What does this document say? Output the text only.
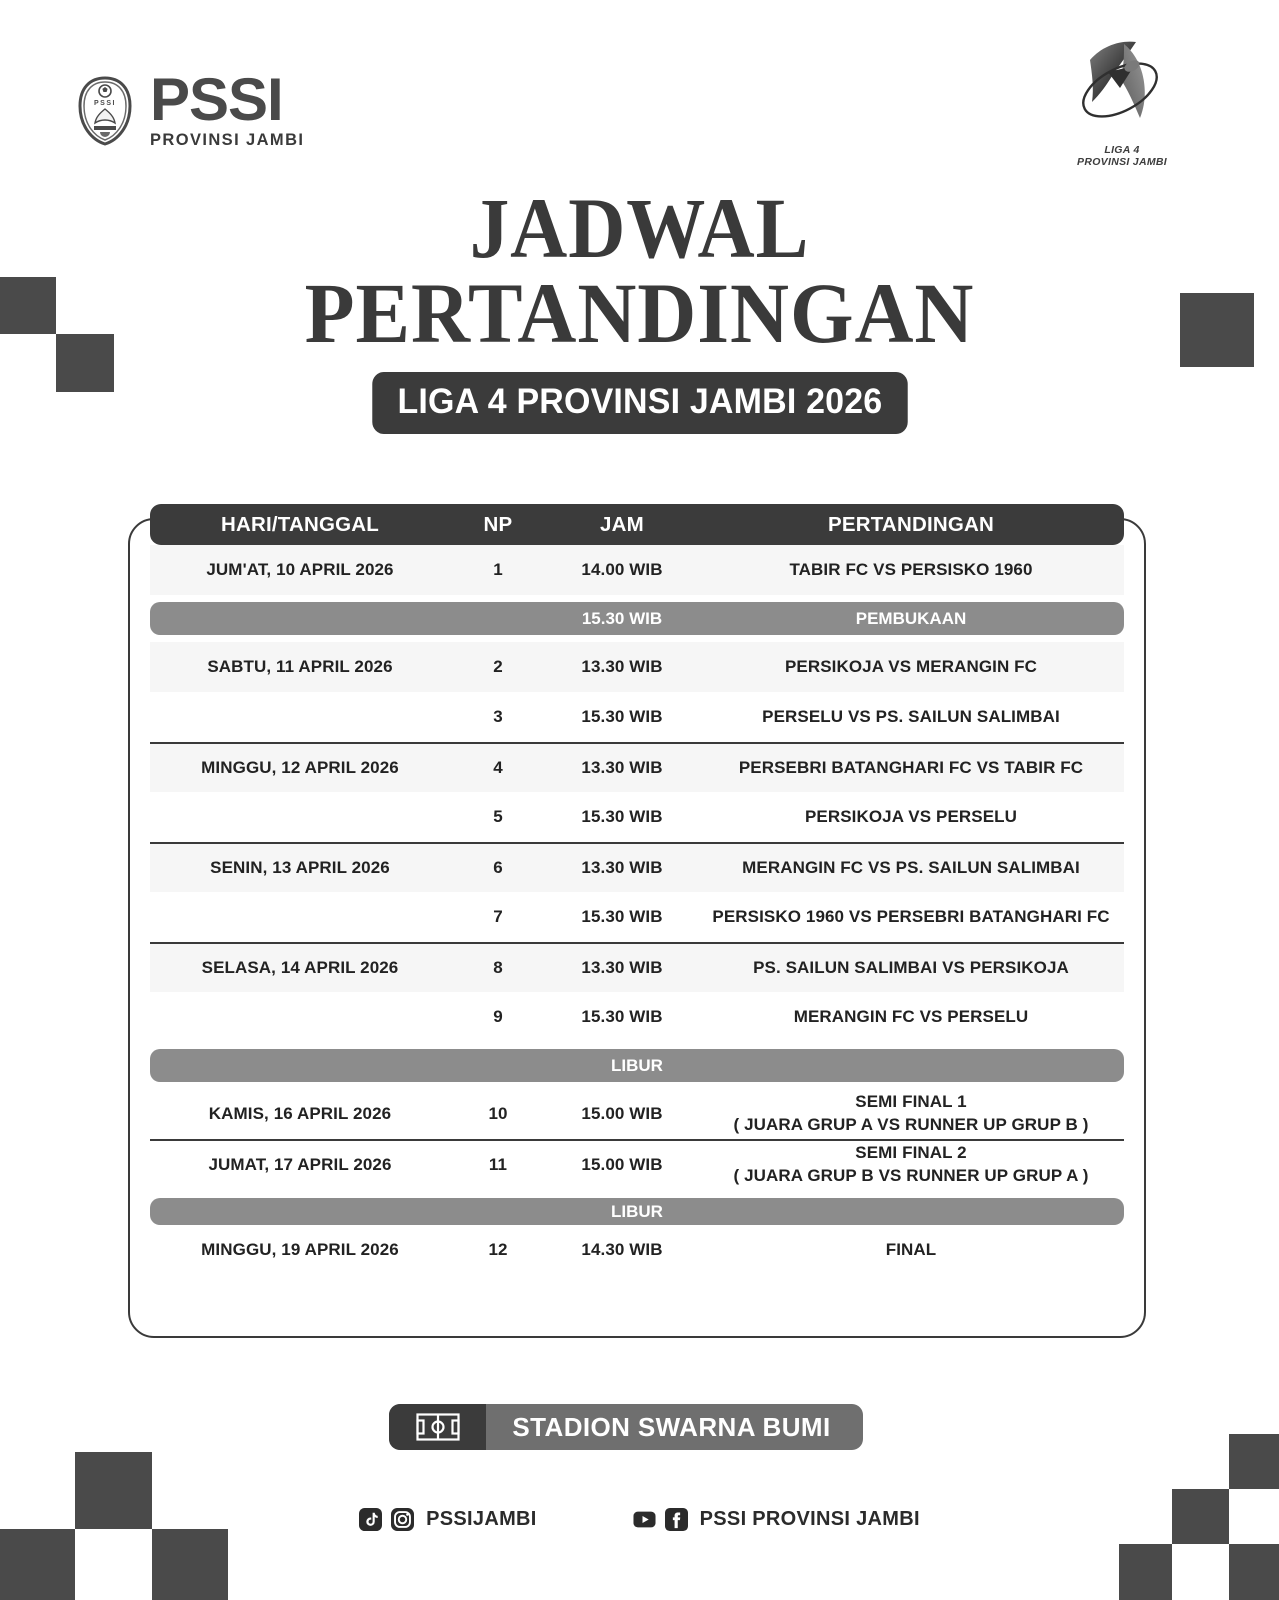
PSSI PSSI
PROVINSI JAMBI
LIGA 4
PROVINSI JAMBI
JADWAL
PERTANDINGAN
LIGA 4 PROVINSI JAMBI 2026
HARI/TANGGAL	NP	JAM	PERTANDINGAN
JUM'AT, 10 APRIL 2026	1	14.00 WIB	TABIR FC VS PERSISKO 1960
15.30 WIB	PEMBUKAAN
SABTU, 11 APRIL 2026	2	13.30 WIB	PERSIKOJA VS MERANGIN FC
3	15.30 WIB	PERSELU VS PS. SAILUN SALIMBAI
MINGGU, 12 APRIL 2026	4	13.30 WIB	PERSEBRI BATANGHARI FC VS TABIR FC
5	15.30 WIB	PERSIKOJA VS PERSELU
SENIN, 13 APRIL 2026	6	13.30 WIB	MERANGIN FC VS PS. SAILUN SALIMBAI
7	15.30 WIB	PERSISKO 1960 VS PERSEBRI BATANGHARI FC
SELASA, 14 APRIL 2026	8	13.30 WIB	PS. SAILUN SALIMBAI VS PERSIKOJA
9	15.30 WIB	MERANGIN FC VS PERSELU
LIBUR
KAMIS, 16 APRIL 2026	10	15.00 WIB
SEMI FINAL 1
( JUARA GRUP A VS RUNNER UP GRUP B )
JUMAT, 17 APRIL 2026	11	15.00 WIB
SEMI FINAL 2
( JUARA GRUP B VS RUNNER UP GRUP A )
LIBUR
MINGGU, 19 APRIL 2026	12	14.30 WIB	FINAL
STADION SWARNA BUMI
PSSIJAMBI	PSSI PROVINSI JAMBI
